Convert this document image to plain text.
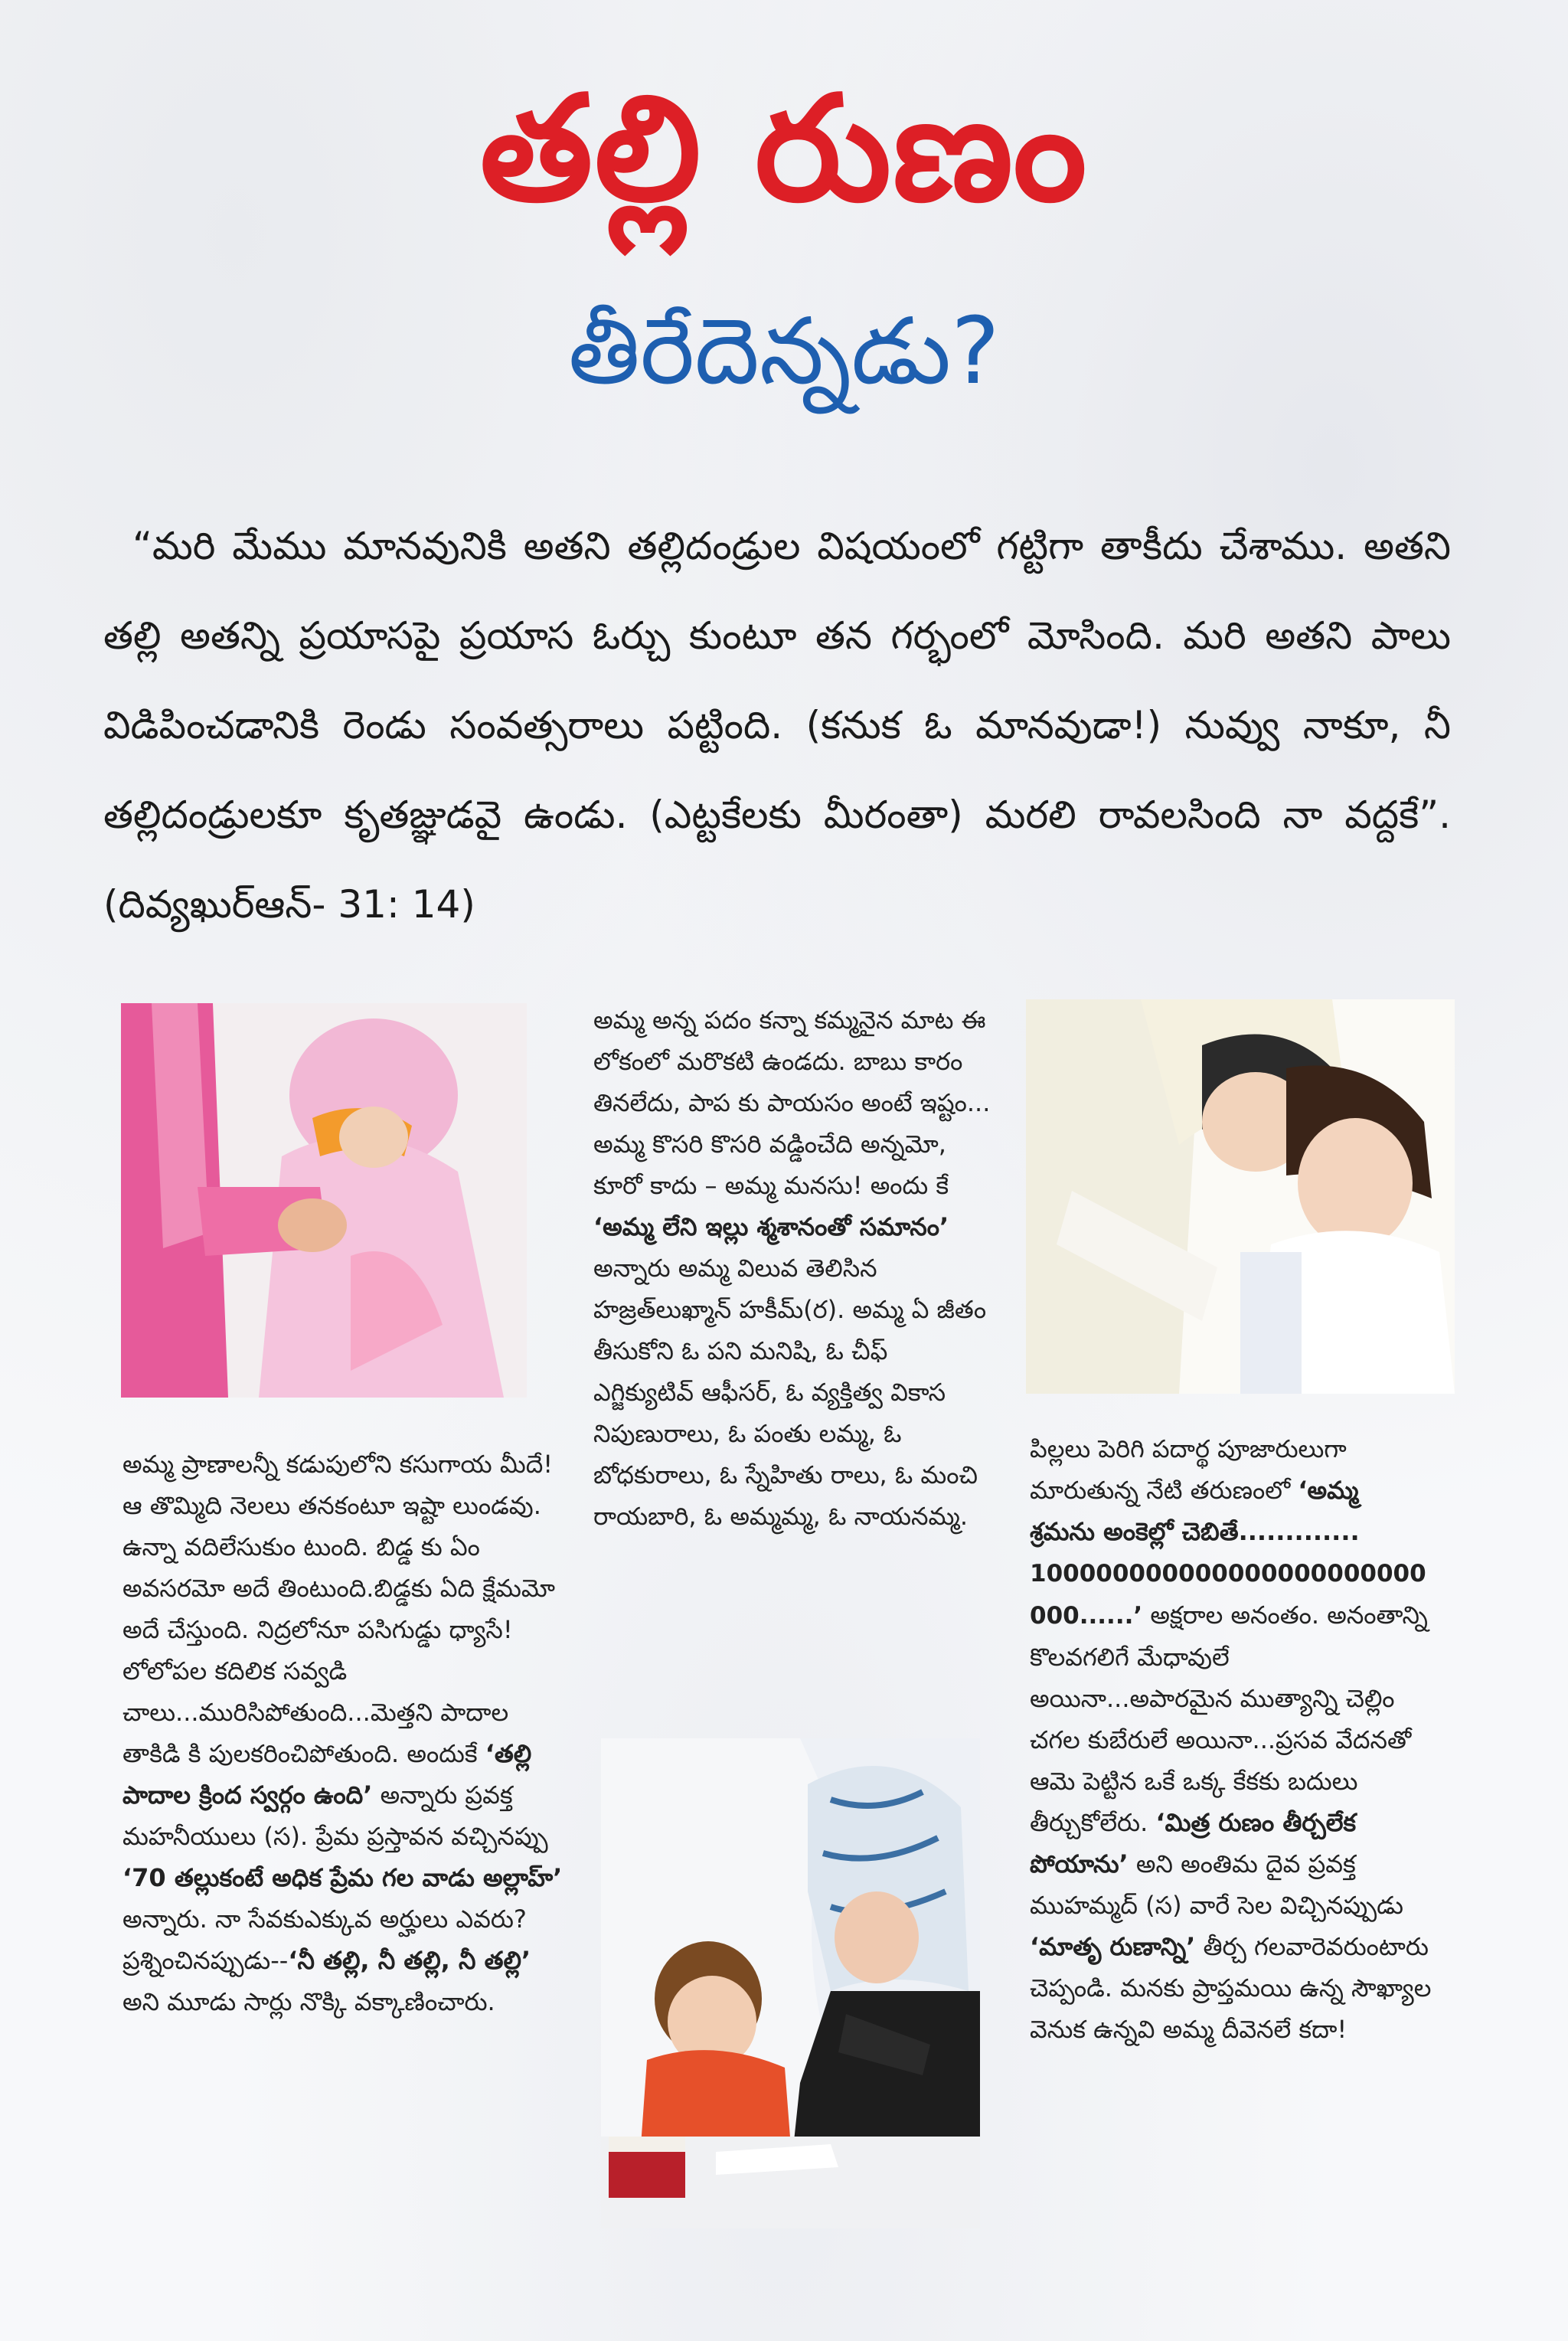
తల్లి రుణం
తీరేదెన్నడు?
“మరి మేము మానవునికి అతని తల్లిదండ్రుల విషయంలో గట్టిగా తాకీదు చేశాము. అతని తల్లి అతన్ని ప్రయాసపై ప్రయాస ఓర్చు కుంటూ తన గర్భంలో మోసింది. మరి అతని పాలు విడిపించడానికి రెండు సంవత్సరాలు పట్టింది. (కనుక ఓ మానవుడా!) నువ్వు నాకూ, నీ తల్లిదండ్రులకూ కృతజ్ఞుడవై ఉండు. (ఎట్టకేలకు మీరంతా) మరలి రావలసింది నా వద్దకే”. (దివ్యఖుర్‌ఆన్- 31: 14)
అమ్మ అన్న పదం కన్నా కమ్మనైన మాట ఈ లోకంలో మరొకటి ఉండదు. బాబు కారం తినలేదు, పాప కు పాయసం అంటే ఇష్టం... అమ్మ కొసరి కొసరి వడ్డించేది అన్నమో, కూరో కాదు – అమ్మ మనసు! అందు కే ‘అమ్మ లేని ఇల్లు శ్మశానంతో సమానం’ అన్నారు అమ్మ విలువ తెలిసిన హజ్రత్‌లుఖ్మాన్ హకీమ్(ర). అమ్మ ఏ జీతం తీసుకోని ఓ పని మనిషి, ఓ చీఫ్ ఎగ్జిక్యుటివ్ ఆఫీసర్, ఓ వ్యక్తిత్వ వికాస నిపుణురాలు, ఓ పంతు లమ్మ, ఓ బోధకురాలు, ఓ స్నేహితు రాలు, ఓ మంచి రాయబారి, ఓ అమ్మమ్మ, ఓ నాయనమ్మ.
అమ్మ ప్రాణాలన్నీ కడుపులోని కసుగాయ మీదే! ఆ తొమ్మిది నెలలు తనకంటూ ఇష్టా లుండవు. ఉన్నా వదిలేసుకుం టుంది. బిడ్డ కు ఏం అవసరమో అదే తింటుంది.బిడ్డకు ఏది క్షేమమో అదే చేస్తుంది. నిద్రలోనూ పసిగుడ్డు ధ్యాసే! లోలోపల కదిలిక సవ్వడి చాలు...మురిసిపోతుంది...మెత్తని పాదాల తాకిడి కి పులకరించిపోతుంది. అందుకే ‘తల్లి పాదాల క్రింద స్వర్గం ఉంది’ అన్నారు ప్రవక్త మహనీయులు (స). ప్రేమ ప్రస్తావన వచ్చినప్పు ‘70 తల్లుకంటే అధిక ప్రేమ గల వాడు అల్లాహ్’ అన్నారు. నా సేవకుఎక్కువ అర్హులు ఎవరు? ప్రశ్నించినప్పుడు--‘నీ తల్లి, నీ తల్లి, నీ తల్లి’ అని మూడు సార్లు నొక్కి వక్కాణించారు.
పిల్లలు పెరిగి పదార్థ పూజారులుగా మారుతున్న నేటి తరుణంలో ‘అమ్మ శ్రమను అంకెల్లో చెబితే.............
100000000000000000000000000......’ అక్షరాల అనంతం. అనంతాన్ని కొలవగలిగే మేధావులే అయినా...అపారమైన ముత్యాన్ని చెల్లిం చగల కుబేరులే అయినా...ప్రసవ వేదనతో ఆమె పెట్టిన ఒకే ఒక్క కేకకు బదులు తీర్చుకోలేరు. ‘మిత్ర రుణం తీర్చలేక పోయాను’ అని అంతిమ దైవ ప్రవక్త ముహమ్మద్ (స) వారే సెల విచ్చినప్పుడు ‘మాతృ రుణాన్ని’ తీర్చ గలవారెవరుంటారు చెప్పండి. మనకు ప్రాప్తమయి ఉన్న సౌఖ్యాల వెనుక ఉన్నవి అమ్మ దీవెనలే కదా!
